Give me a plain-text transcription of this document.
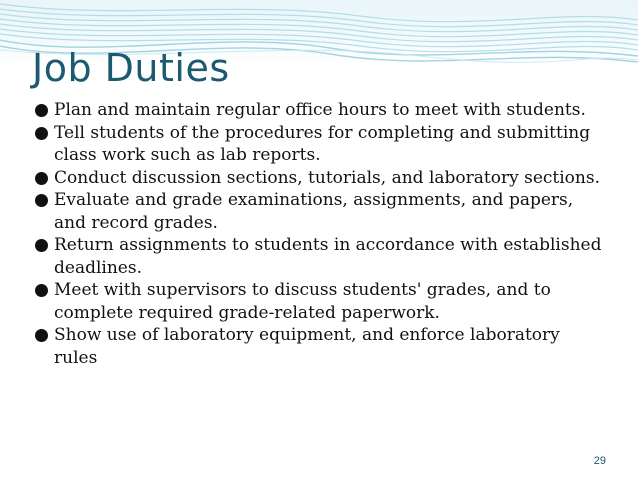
Job Duties
Plan and maintain regular office hours to meet with students.
Tell students of the procedures for completing and submitting class work such as lab reports.
Conduct discussion sections, tutorials, and laboratory sections.
Evaluate and grade examinations, assignments, and papers, and record grades.
Return assignments to students in accordance with established deadlines.
Meet with supervisors to discuss students' grades, and to complete required grade-related paperwork.
Show use of laboratory equipment, and enforce laboratory rules
29
